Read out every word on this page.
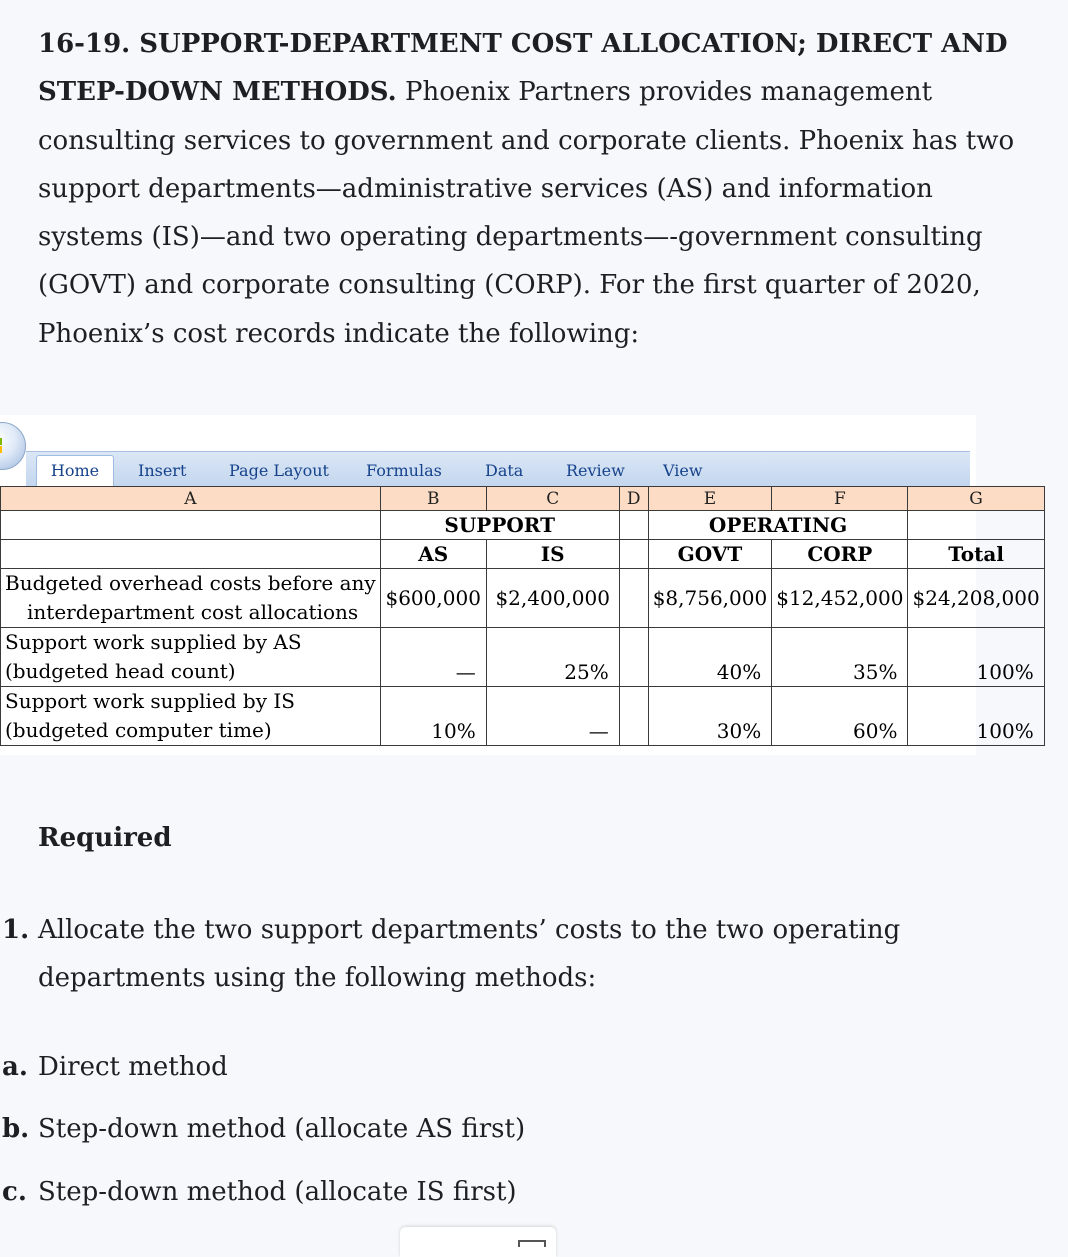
16-19. SUPPORT-DEPARTMENT COST ALLOCATION; DIRECT AND STEP-DOWN METHODS. Phoenix Partners provides management consulting services to government and corporate clients. Phoenix has two support departments—administrative services (AS) and information systems (IS)—and two operating departments—-government consulting (GOVT) and corporate consulting (CORP). For the first quarter of 2020, Phoenix’s cost records indicate the following:

Home	Insert	Page Layout Formulas	Data	Review View
A	B	C	D	E	F	G
	SUPPORT			OPERATING		
	AS	IS		GOVT	CORP	Total
Budgeted overhead costs before any	$600,000	$2,400,000		$8,756,000	$12,452,000	$24,208,000
interdepartment cost allocations						
Support work supplied by AS	—	25%		40%	35%	100%
(budgeted head count)						
Support work supplied by IS	10%	—		30%	60%	100%
(budgeted computer time)						
Required
1. Allocate the two support departments’ costs to the two operating departments using the following methods:
a. Direct method
b. Step-down method (allocate AS first)
c. Step-down method (allocate IS first)
